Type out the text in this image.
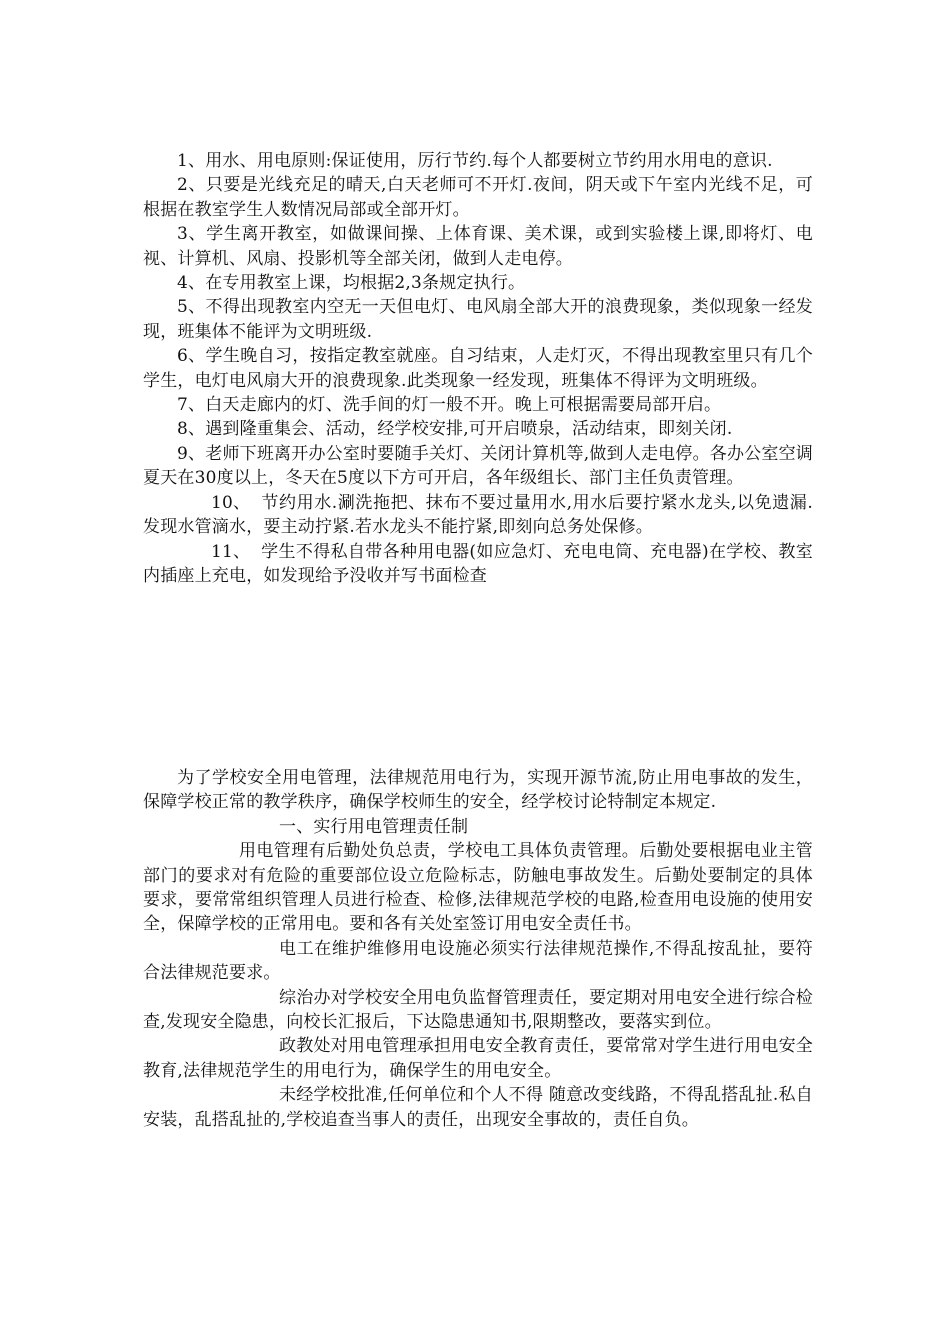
1、用水、用电原则:保证使用，厉行节约.每个人都要树立节约用水用电的意识.

2、只要是光线充足的晴天,白天老师可不开灯.夜间，阴天或下午室内光线不足，可根据在教室学生人数情况局部或全部开灯。

3、学生离开教室，如做课间操、上体育课、美术课，或到实验楼上课,即将灯、电视、计算机、风扇、投影机等全部关闭，做到人走电停。

4、在专用教室上课，均根据2,3条规定执行。

5、不得出现教室内空无一天但电灯、电风扇全部大开的浪费现象，类似现象一经发现，班集体不能评为文明班级.

6、学生晚自习，按指定教室就座。自习结束，人走灯灭，不得出现教室里只有几个学生，电灯电风扇大开的浪费现象.此类现象一经发现，班集体不得评为文明班级。

7、白天走廊内的灯、洗手间的灯一般不开。晚上可根据需要局部开启。

8、遇到隆重集会、活动，经学校安排,可开启喷泉，活动结束，即刻关闭.

9、老师下班离开办公室时要随手关灯、关闭计算机等,做到人走电停。各办公室空调夏天在30度以上，冬天在5度以下方可开启，各年级组长、部门主任负责管理。

10、 节约用水.涮洗拖把、抹布不要过量用水,用水后要拧紧水龙头,以免遗漏.发现水管滴水，要主动拧紧.若水龙头不能拧紧,即刻向总务处保修。

11、 学生不得私自带各种用电器(如应急灯、充电电筒、充电器)在学校、教室内插座上充电，如发现给予没收并写书面检查

为了学校安全用电管理，法律规范用电行为，实现开源节流,防止用电事故的发生，保障学校正常的教学秩序，确保学校师生的安全，经学校讨论特制定本规定.

一、实行用电管理责任制

用电管理有后勤处负总责，学校电工具体负责管理。后勤处要根据电业主管部门的要求对有危险的重要部位设立危险标志，防触电事故发生。后勤处要制定的具体要求，要常常组织管理人员进行检查、检修,法律规范学校的电路,检查用电设施的使用安全，保障学校的正常用电。要和各有关处室签订用电安全责任书。

电工在维护维修用电设施必须实行法律规范操作,不得乱按乱扯，要符合法律规范要求。

综治办对学校安全用电负监督管理责任，要定期对用电安全进行综合检查,发现安全隐患，向校长汇报后，下达隐患通知书,限期整改，要落实到位。

政教处对用电管理承担用电安全教育责任，要常常对学生进行用电安全教育,法律规范学生的用电行为，确保学生的用电安全。

未经学校批准,任何单位和个人不得 随意改变线路，不得乱搭乱扯.私自安装，乱搭乱扯的,学校追查当事人的责任，出现安全事故的，责任自负。
